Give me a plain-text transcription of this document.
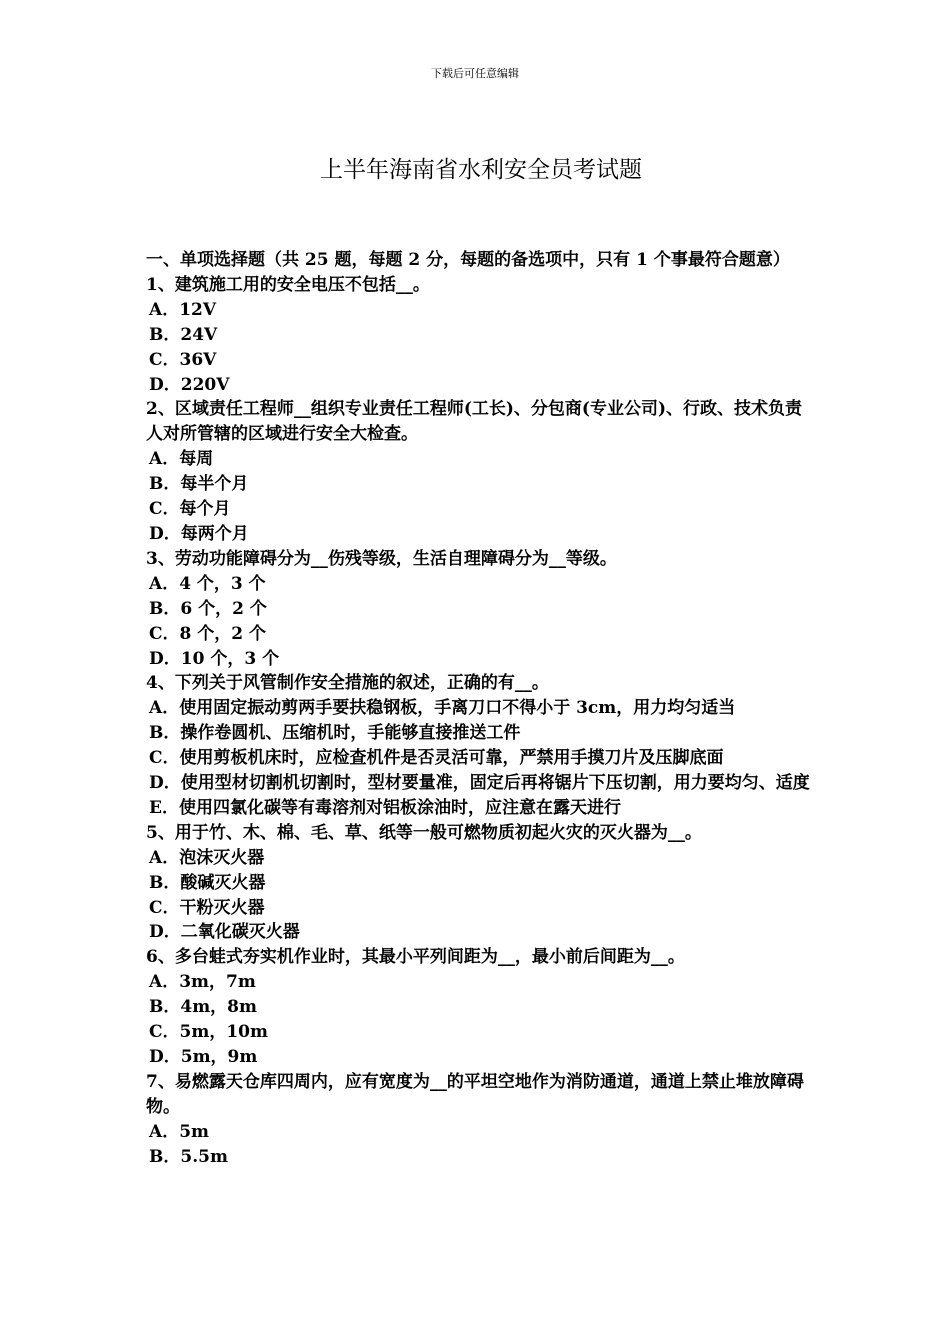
下载后可任意编辑
上半年海南省水利安全员考试题

一、单项选择题（共 25 题，每题 2 分，每题的备选项中，只有 1 个事最符合题意）

1、建筑施工用的安全电压不包括__。

A．12V

B．24V

C．36V

D．220V

2、区域责任工程师__组织专业责任工程师(工长)、分包商(专业公司)、行政、技术负责人对所管辖的区域进行安全大检查。

A．每周

B．每半个月

C．每个月

D．每两个月

3、劳动功能障碍分为__伤残等级，生活自理障碍分为__等级。

A．4 个，3 个

B．6 个，2 个

C．8 个，2 个

D．10 个，3 个

4、下列关于风管制作安全措施的叙述，正确的有__。

A．使用固定振动剪两手要扶稳钢板，手离刀口不得小于 3cm，用力均匀适当

B．操作卷圆机、压缩机时，手能够直接推送工件

C．使用剪板机床时，应检查机件是否灵活可靠，严禁用手摸刀片及压脚底面

D．使用型材切割机切割时，型材要量准，固定后再将锯片下压切割，用力要均匀、适度

E．使用四氯化碳等有毒溶剂对铝板涂油时，应注意在露天进行

5、用于竹、木、棉、毛、草、纸等一般可燃物质初起火灾的灭火器为__。

A．泡沫灭火器

B．酸碱灭火器

C．干粉灭火器

D．二氧化碳灭火器

6、多台蛙式夯实机作业时，其最小平列间距为__，最小前后间距为__。

A．3m，7m

B．4m，8m

C．5m，10m

D．5m，9m

7、易燃露天仓库四周内，应有宽度为__的平坦空地作为消防通道，通道上禁止堆放障碍物。

A．5m

B．5.5m
